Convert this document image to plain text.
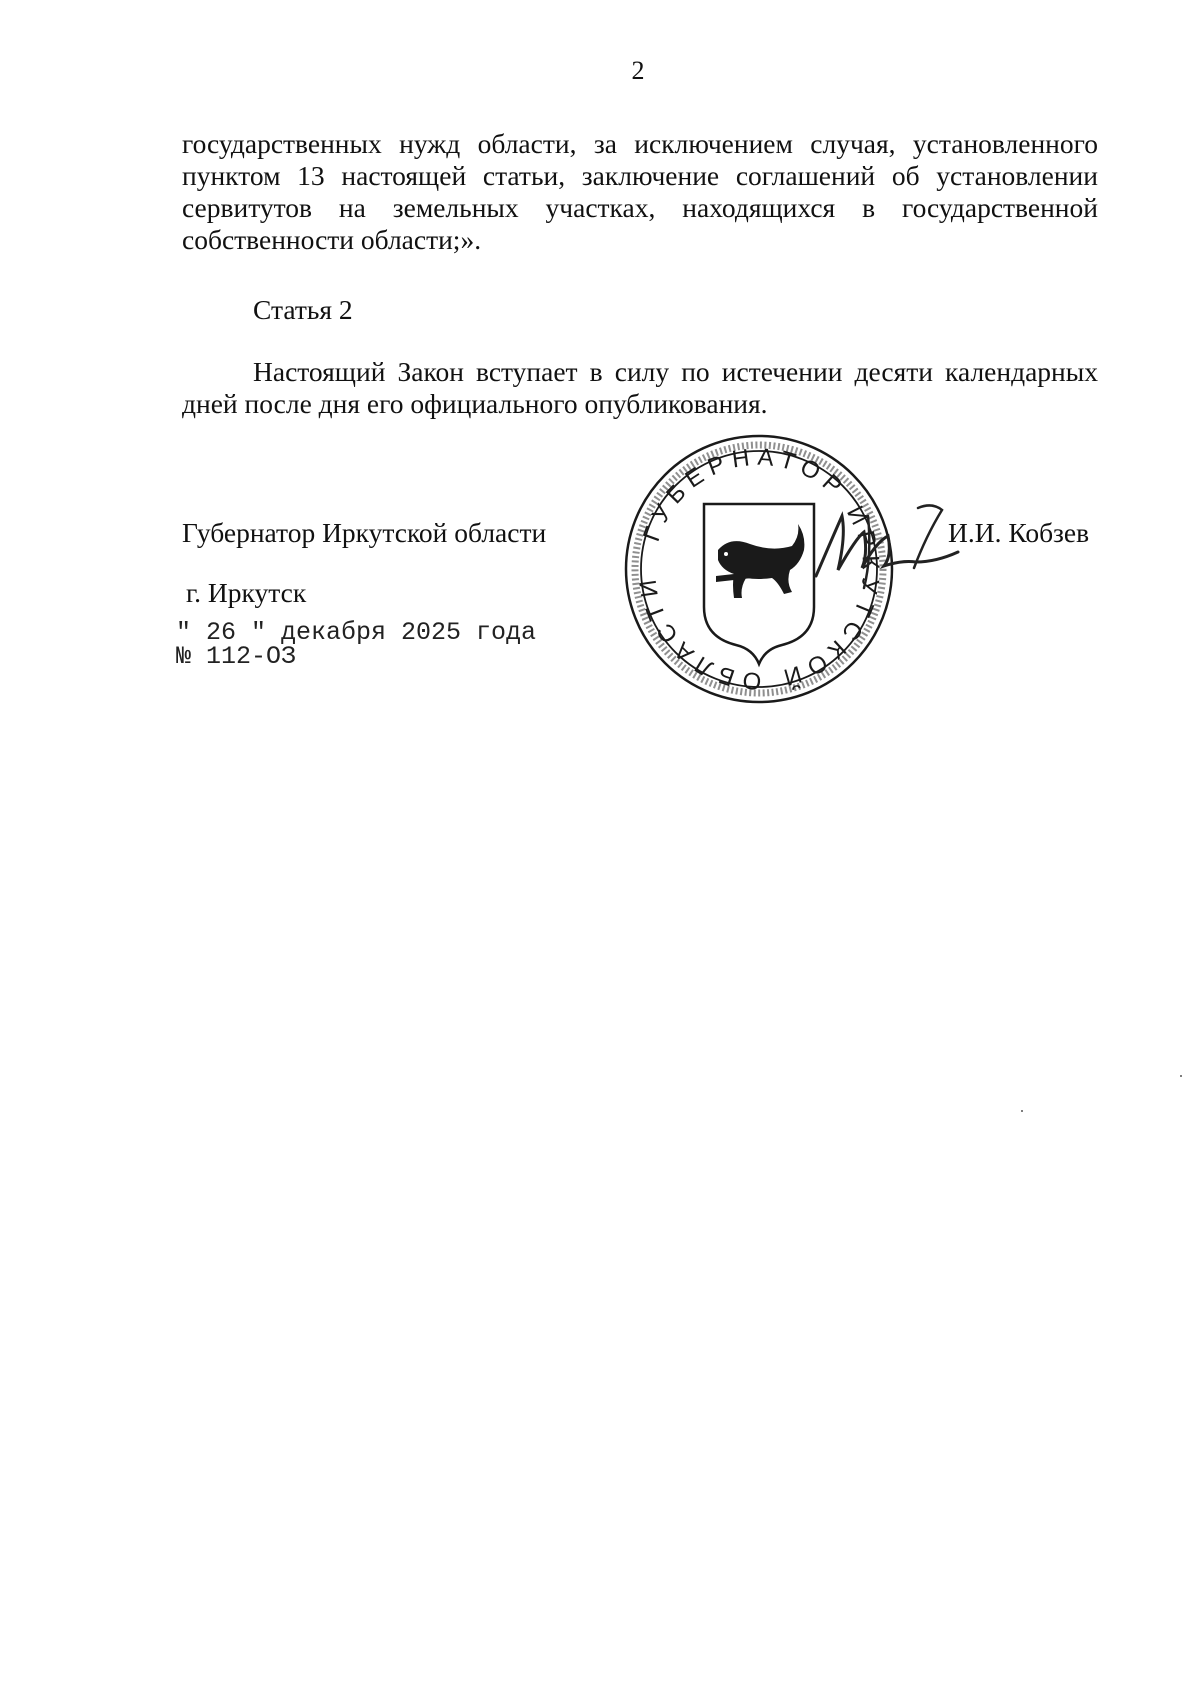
2
государственных нужд области, за исключением случая, установленного
пунктом 13 настоящей статьи, заключение соглашений об установлении
сервитутов на земельных участках, находящихся в государственной
собственности области;».
Статья 2
Настоящий Закон вступает в силу по истечении десяти календарных
дней после дня его официального опубликования.
Губернатор Иркутской области	И.И. Кобзев
ГУБЕРНАТОР ИРКУТСКОЙ ОБЛАСТИ
г. Иркутск
" 26 " декабря 2025 года
№ 112-ОЗ
